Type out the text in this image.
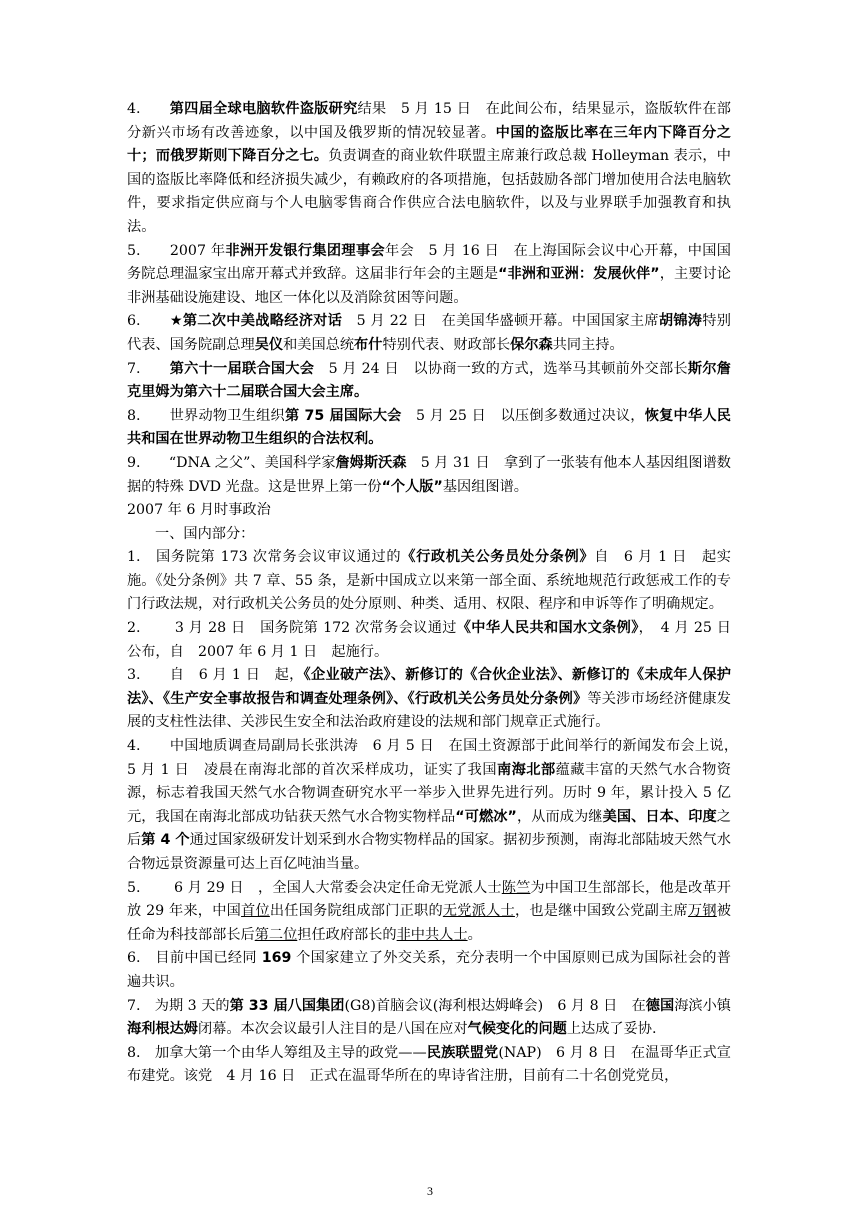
4.　　第四届全球电脑软件盗版研究结果　5 月 15 日　在此间公布，结果显示，盗版软件在部分新兴市场有改善迹象，以中国及俄罗斯的情况较显著。中国的盗版比率在三年内下降百分之十；而俄罗斯则下降百分之七。负责调查的商业软件联盟主席兼行政总裁 Holleyman 表示，中国的盗版比率降低和经济损失减少，有赖政府的各项措施，包括鼓励各部门增加使用合法电脑软件，要求指定供应商与个人电脑零售商合作供应合法电脑软件，以及与业界联手加强教育和执法。

5.　　2007 年非洲开发银行集团理事会年会　5 月 16 日　在上海国际会议中心开幕，中国国务院总理温家宝出席开幕式并致辞。这届非行年会的主题是“非洲和亚洲：发展伙伴”，主要讨论非洲基础设施建设、地区一体化以及消除贫困等问题。

6.　　★第二次中美战略经济对话　5 月 22 日　在美国华盛顿开幕。中国国家主席胡锦涛特别代表、国务院副总理吴仪和美国总统布什特别代表、财政部长保尔森共同主持。

7.　　第六十一届联合国大会　5 月 24 日　以协商一致的方式，选举马其顿前外交部长斯尔詹克里姆为第六十二届联合国大会主席。

8.　　世界动物卫生组织第 75 届国际大会　5 月 25 日　以压倒多数通过决议，恢复中华人民共和国在世界动物卫生组织的合法权利。

9.　　“DNA 之父”、美国科学家詹姆斯沃森　5 月 31 日　拿到了一张装有他本人基因组图谱数据的特殊 DVD 光盘。这是世界上第一份“个人版”基因组图谱。

2007 年 6 月时事政治

一、国内部分：

1.　国务院第 173 次常务会议审议通过的《行政机关公务员处分条例》自　6 月 1 日　起实施。《处分条例》共 7 章、55 条，是新中国成立以来第一部全面、系统地规范行政惩戒工作的专门行政法规，对行政机关公务员的处分原则、种类、适用、权限、程序和申诉等作了明确规定。

2.　　 3 月 28 日　国务院第 172 次常务会议通过《中华人民共和国水文条例》，　4 月 25 日　公布，自　2007 年 6 月 1 日　起施行。

3.　　自　6 月 1 日　起，《企业破产法》、新修订的《合伙企业法》、新修订的《未成年人保护法》、《生产安全事故报告和调查处理条例》、《行政机关公务员处分条例》等关涉市场经济健康发展的支柱性法律、关涉民生安全和法治政府建设的法规和部门规章正式施行。

4.　　中国地质调查局副局长张洪涛　6 月 5 日　在国土资源部于此间举行的新闻发布会上说，　5 月 1 日　凌晨在南海北部的首次采样成功，证实了我国南海北部蕴藏丰富的天然气水合物资源，标志着我国天然气水合物调查研究水平一举步入世界先进行列。历时 9 年，累计投入 5 亿元，我国在南海北部成功钻获天然气水合物实物样品“可燃冰”，从而成为继美国、日本、印度之后第 4 个通过国家级研发计划采到水合物实物样品的国家。据初步预测，南海北部陆坡天然气水合物远景资源量可达上百亿吨油当量。

5.　　 6 月 29 日　，全国人大常委会决定任命无党派人士陈竺为中国卫生部部长，他是改革开放 29 年来，中国首位出任国务院组成部门正职的无党派人士，也是继中国致公党副主席万钢被任命为科技部部长后第二位担任政府部长的非中共人士。

6.　目前中国已经同 169 个国家建立了外交关系，充分表明一个中国原则已成为国际社会的普遍共识。

7.　为期 3 天的第 33 届八国集团(G8)首脑会议(海利根达姆峰会)　6 月 8 日　在德国海滨小镇海利根达姆闭幕。本次会议最引人注目的是八国在应对气候变化的问题上达成了妥协.

8.　加拿大第一个由华人筹组及主导的政党——民族联盟党(NAP)　6 月 8 日　在温哥华正式宣布建党。该党　4 月 16 日　正式在温哥华所在的卑诗省注册，目前有二十名创党党员，

3
